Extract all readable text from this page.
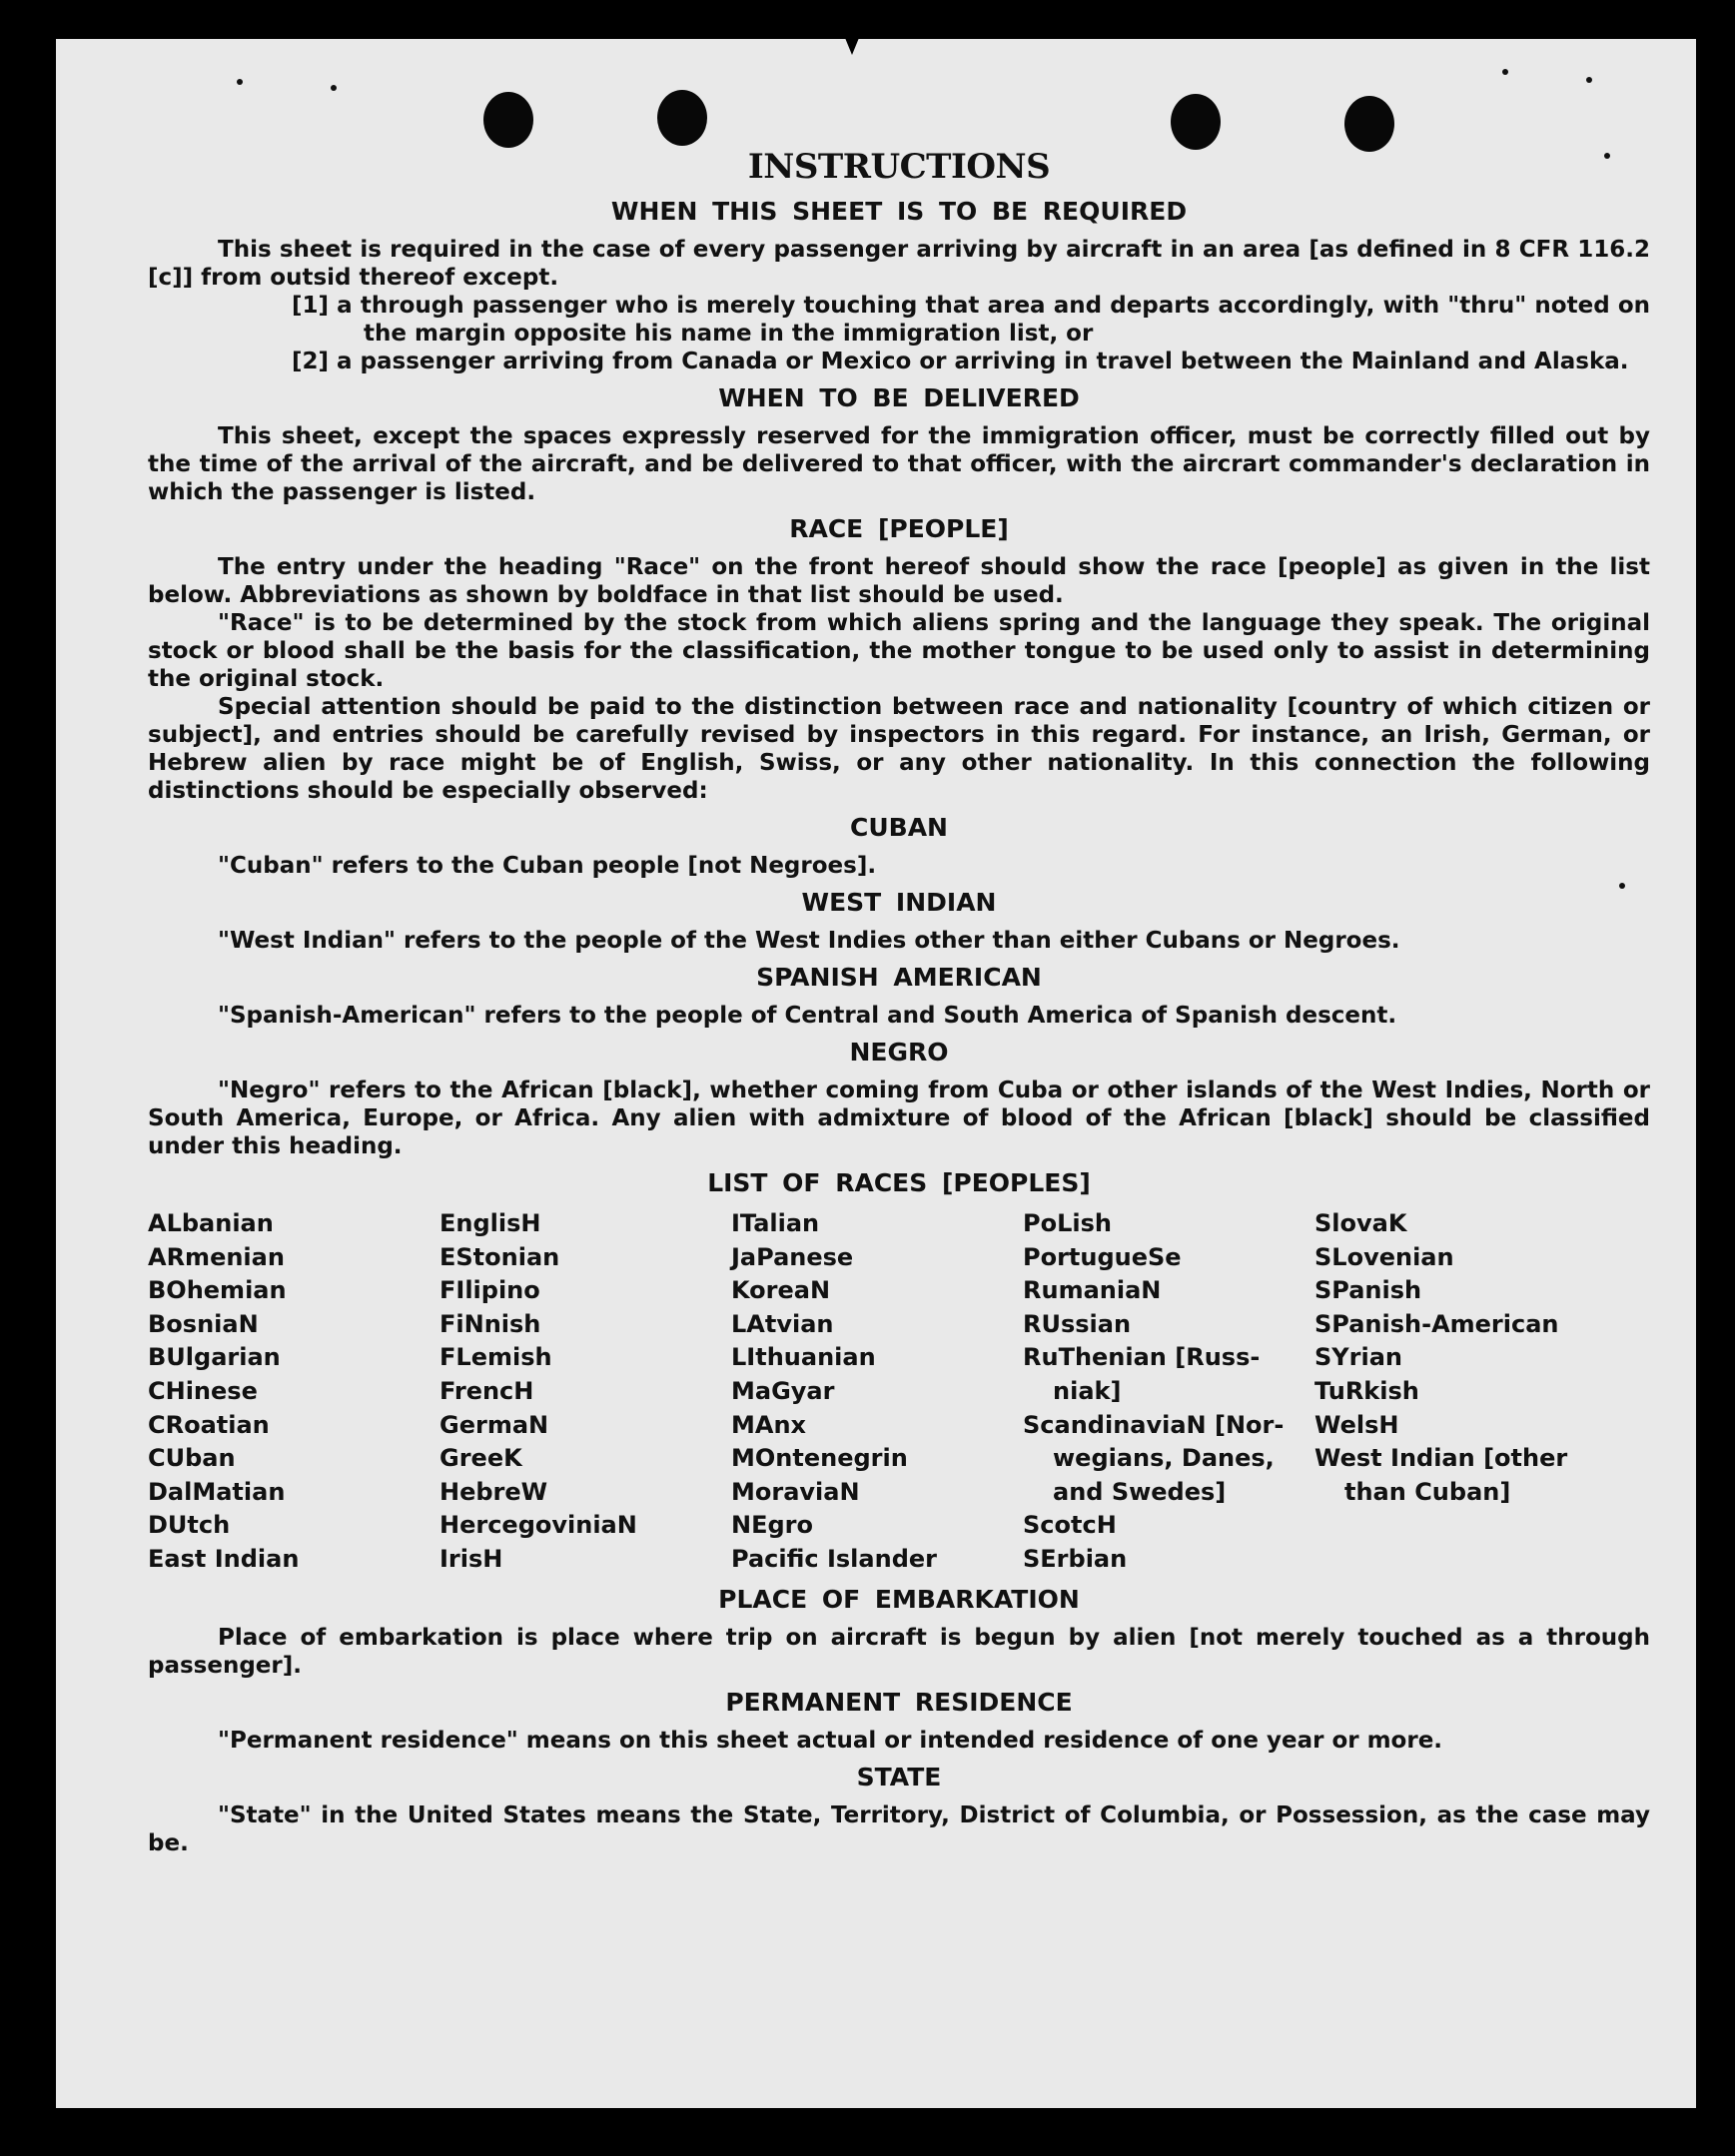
INSTRUCTIONS
WHEN THIS SHEET IS TO BE REQUIRED

This sheet is required in the case of every passenger arriving by aircraft in an area [as defined in 8 CFR 116.2 [c]] from outsid thereof except.

[1] a through passenger who is merely touching that area and departs accordingly, with "thru" noted on the margin opposite his name in the immigration list, or
[2] a passenger arriving from Canada or Mexico or arriving in travel between the Mainland and Alaska.
WHEN TO BE DELIVERED

This sheet, except the spaces expressly reserved for the immigration officer, must be correctly filled out by the time of the arrival of the aircraft, and be delivered to that officer, with the aircrart commander's declaration in which the passenger is listed.

RACE [PEOPLE]

The entry under the heading "Race" on the front hereof should show the race [people] as given in the list below. Abbreviations as shown by boldface in that list should be used.

"Race" is to be determined by the stock from which aliens spring and the language they speak. The original stock or blood shall be the basis for the classification, the mother tongue to be used only to assist in determining the original stock.

Special attention should be paid to the distinction between race and nationality [country of which citizen or subject], and entries should be carefully revised by inspectors in this regard. For instance, an Irish, German, or Hebrew alien by race might be of English, Swiss, or any other nationality. In this connection the following distinctions should be especially observed:

CUBAN

"Cuban" refers to the Cuban people [not Negroes].

WEST INDIAN

"West Indian" refers to the people of the West Indies other than either Cubans or Negroes.

SPANISH AMERICAN

"Spanish-American" refers to the people of Central and South America of Spanish descent.

NEGRO

"Negro" refers to the African [black], whether coming from Cuba or other islands of the West Indies, North or South America, Europe, or Africa. Any alien with admixture of blood of the African [black] should be classified under this heading.

LIST OF RACES [PEOPLES]
ALbanian
ARmenian
BOhemian
BosniaN
BUlgarian
CHinese
CRoatian
CUban
DalMatian
DUtch
East Indian
EnglisH
EStonian
FIlipino
FiNnish
FLemish
FrencH
GermaN
GreeK
HebreW
HercegoviniaN
IrisH
ITalian
JaPanese
KoreaN
LAtvian
LIthuanian
MaGyar
MAnx
MOntenegrin
MoraviaN
NEgro
Pacific Islander
PoLish
PortugueSe
RumaniaN
RUssian
RuThenian [Russ-
niak]
ScandinaviaN [Nor-
wegians, Danes,
and Swedes]
ScotcH
SErbian
SlovaK
SLovenian
SPanish
SPanish-American
SYrian
TuRkish
WelsH
West Indian [other
than Cuban]
PLACE OF EMBARKATION

Place of embarkation is place where trip on aircraft is begun by alien [not merely touched as a through passenger].

PERMANENT RESIDENCE

"Permanent residence" means on this sheet actual or intended residence of one year or more.

STATE

"State" in the United States means the State, Territory, District of Columbia, or Possession, as the case may be.
